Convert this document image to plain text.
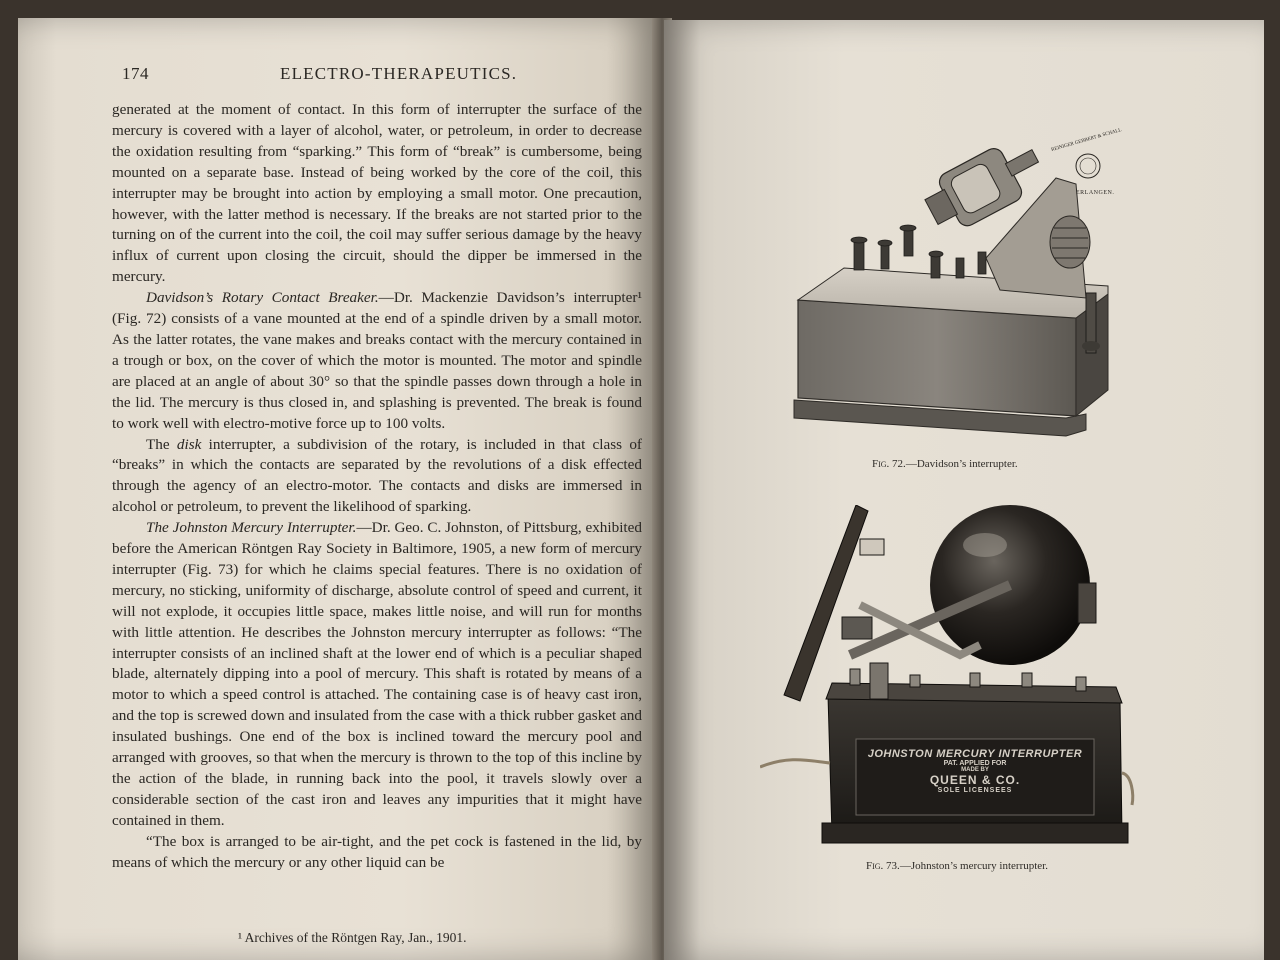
174	ELECTRO-THERAPEUTICS.

generated at the moment of contact. In this form of interrupter the surface of the mercury is covered with a layer of alcohol, water, or petroleum, in order to decrease the oxidation resulting from “sparking.” This form of “break” is cumbersome, being mounted on a separate base. Instead of being worked by the core of the coil, this interrupter may be brought into action by employing a small motor. One precaution, however, with the latter method is necessary. If the breaks are not started prior to the turning on of the current into the coil, the coil may suffer serious damage by the heavy influx of current upon closing the circuit, should the dipper be immersed in the mercury.

Davidson’s Rotary Contact Breaker.—Dr. Mackenzie Davidson’s interrupter¹ (Fig. 72) consists of a vane mounted at the end of a spindle driven by a small motor. As the latter rotates, the vane makes and breaks contact with the mercury contained in a trough or box, on the cover of which the motor is mounted. The motor and spindle are placed at an angle of about 30° so that the spindle passes down through a hole in the lid. The mercury is thus closed in, and splashing is prevented. The break is found to work well with electro-motive force up to 100 volts.

The disk interrupter, a subdivision of the rotary, is included in that class of “breaks” in which the contacts are separated by the revolutions of a disk effected through the agency of an electro-motor. The contacts and disks are immersed in alcohol or petroleum, to prevent the likelihood of sparking.

The Johnston Mercury Interrupter.—Dr. Geo. C. Johnston, of Pittsburg, exhibited before the American Röntgen Ray Society in Baltimore, 1905, a new form of mercury interrupter (Fig. 73) for which he claims special features. There is no oxidation of mercury, no sticking, uniformity of discharge, absolute control of speed and current, it will not explode, it occupies little space, makes little noise, and will run for months with little attention. He describes the Johnston mercury interrupter as follows: “The interrupter consists of an inclined shaft at the lower end of which is a peculiar shaped blade, alternately dipping into a pool of mercury. This shaft is rotated by means of a motor to which a speed control is attached. The containing case is of heavy cast iron, and the top is screwed down and insulated from the case with a thick rubber gasket and insulated bushings. One end of the box is inclined toward the mercury pool and arranged with grooves, so that when the mercury is thrown to the top of this incline by the action of the blade, in running back into the pool, it travels slowly over a considerable section of the cast iron and leaves any impurities that it might have contained in them.

“The box is arranged to be air-tight, and the pet cock is fastened in the lid, by means of which the mercury or any other liquid can be

¹ Archives of the Röntgen Ray, Jan., 1901.
REINIGER GEBBERT & SCHALL
ERLANGEN.
Fig. 72.—Davidson’s interrupter.
JOHNSTON MERCURY INTERRUPTER
PAT. APPLIED FOR
MADE BY
QUEEN & CO.
SOLE LICENSEES
Fig. 73.—Johnston’s mercury interrupter.
